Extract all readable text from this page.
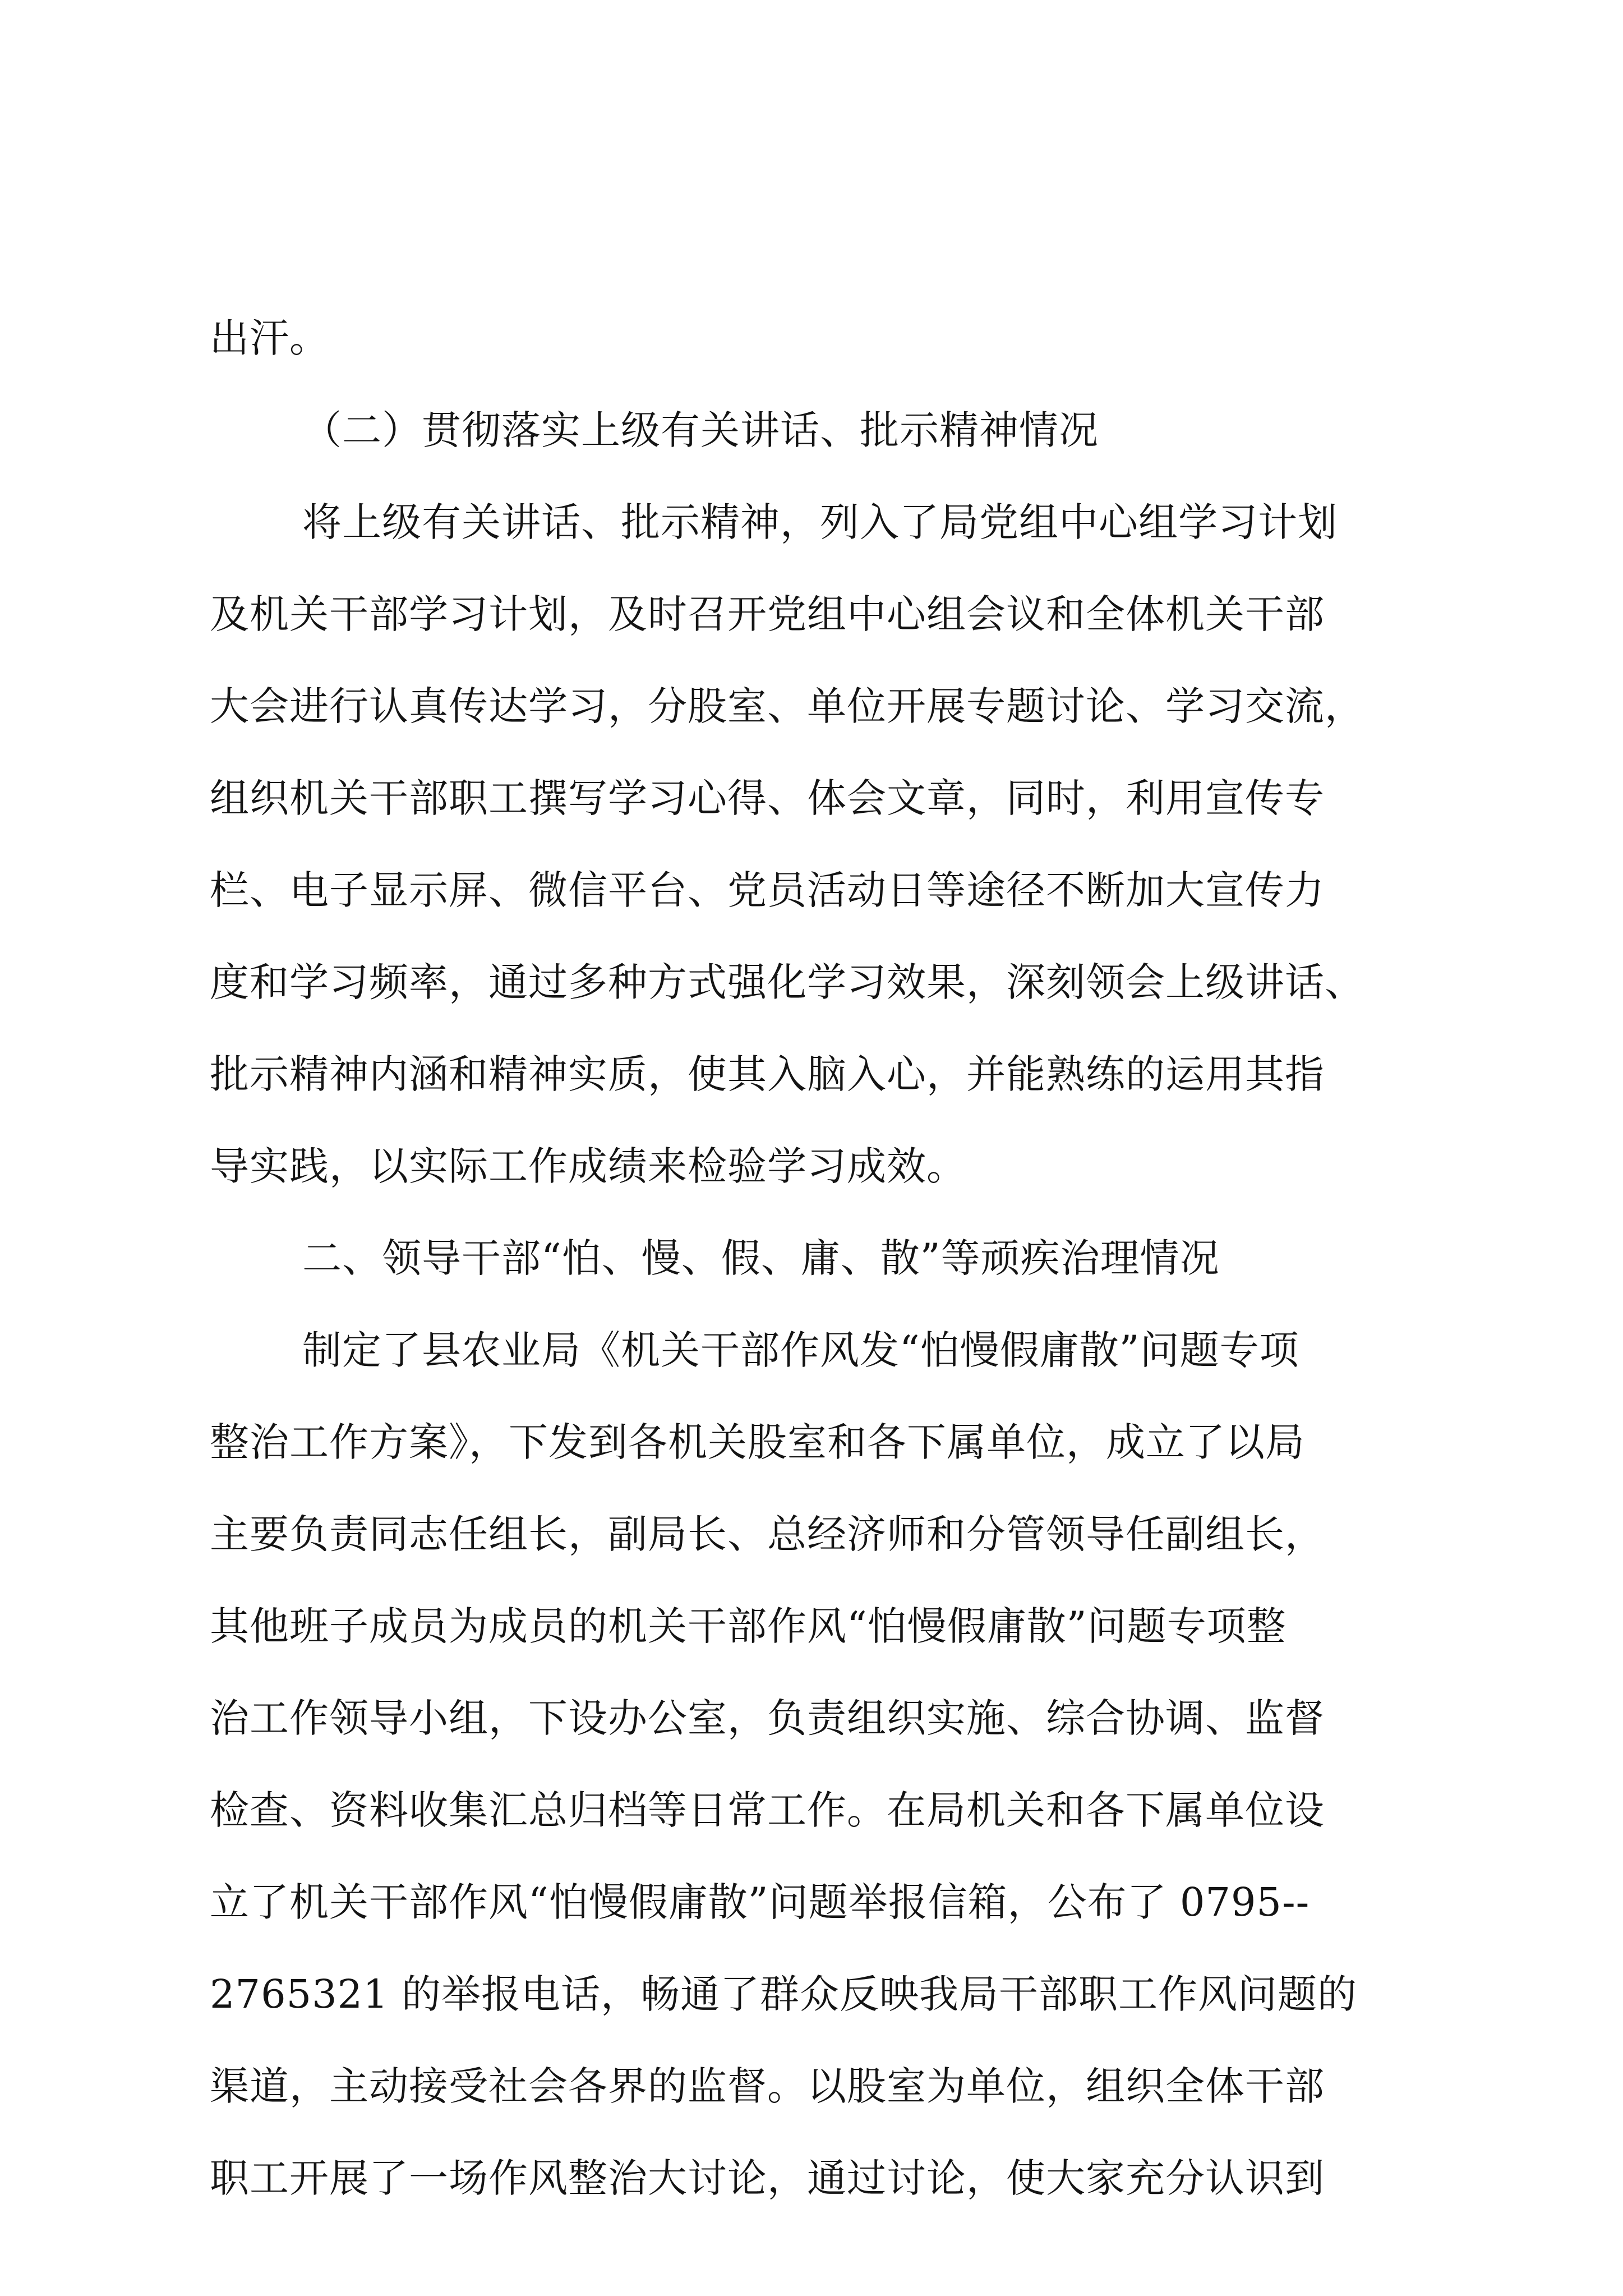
出汗。
（二）贯彻落实上级有关讲话、批示精神情况
将上级有关讲话、批示精神，列入了局党组中心组学习计划
及机关干部学习计划，及时召开党组中心组会议和全体机关干部
大会进行认真传达学习，分股室、单位开展专题讨论、学习交流，
组织机关干部职工撰写学习心得、体会文章，同时，利用宣传专
栏、电子显示屏、微信平台、党员活动日等途径不断加大宣传力
度和学习频率，通过多种方式强化学习效果，深刻领会上级讲话、
批示精神内涵和精神实质，使其入脑入心，并能熟练的运用其指
导实践，以实际工作成绩来检验学习成效。
二、领导干部“怕、慢、假、庸、散”等顽疾治理情况
制定了县农业局《机关干部作风发“怕慢假庸散”问题专项
整治工作方案》，下发到各机关股室和各下属单位，成立了以局
主要负责同志任组长，副局长、总经济师和分管领导任副组长，
其他班子成员为成员的机关干部作风“怕慢假庸散”问题专项整
治工作领导小组，下设办公室，负责组织实施、综合协调、监督
检查、资料收集汇总归档等日常工作。在局机关和各下属单位设
立了机关干部作风“怕慢假庸散”问题举报信箱，公布了 0795--
2765321 的举报电话，畅通了群众反映我局干部职工作风问题的
渠道，主动接受社会各界的监督。以股室为单位，组织全体干部
职工开展了一场作风整治大讨论，通过讨论，使大家充分认识到
